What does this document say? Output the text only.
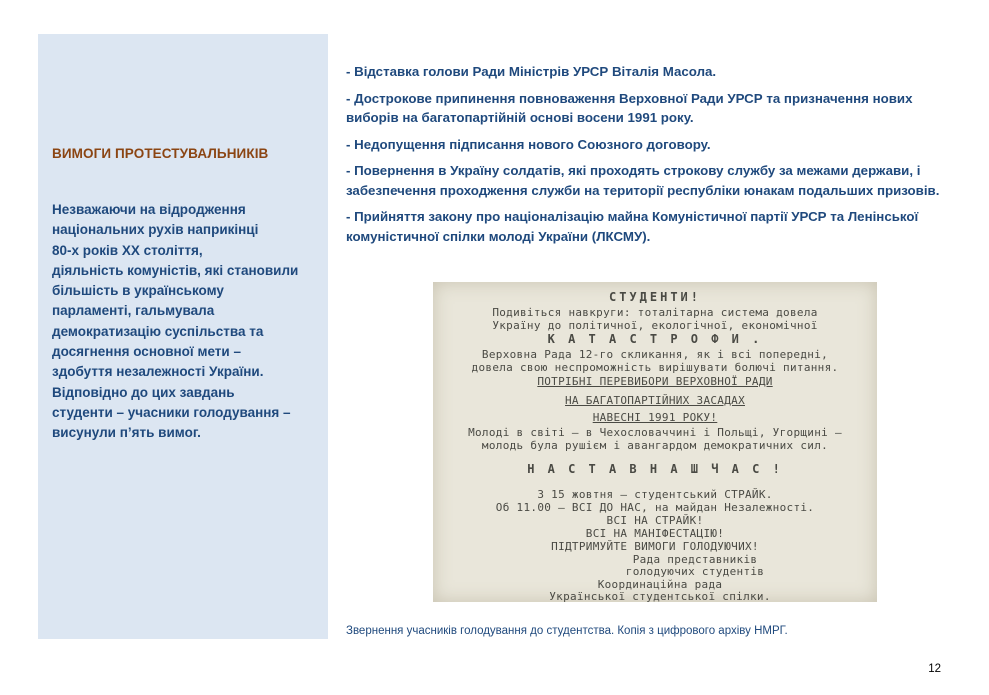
ВИМОГИ ПРОТЕСТУВАЛЬНИКІВ
Незважаючи на відродження
національних рухів наприкінці
80-х років ХХ століття,
діяльність комуністів, які становили
більшість в українському
парламенті, гальмувала
демократизацію суспільства та
досягнення основної мети –
здобуття незалежності України.
Відповідно до цих завдань
студенти – учасники голодування –
висунули п’ять вимог.

- Відставка голови Ради Міністрів УРСР Віталія Масола.

- Дострокове припинення повноваження Верховної Ради УРСР та призначення нових виборів на багатопартійній основі восени 1991 року.

- Недопущення підписання нового Союзного договору.

- Повернення в Україну солдатів, які проходять строкову службу за межами держави, і забезпечення проходження служби на території республіки юнакам подальших призовів.

- Прийняття закону про націоналізацію майна Комуністичної партії УРСР та Ленінської комуністичної спілки молоді України (ЛКСМУ).

СТУДЕНТИ!
Подивіться навкруги: тоталітарна система довела
Україну до політичної, екологічної, економічної
К А Т А С Т Р О Ф И .
Верховна Рада 12-го скликання, як і всі попередні,
довела свою неспроможність вирішувати болючі питання.
ПОТРІБНІ ПЕРЕВИБОРИ ВЕРХОВНОЇ РАДИ
НА БАГАТОПАРТІЙНИХ ЗАСАДАХ
НАВЕСНІ 1991 РОКУ!
Молоді в світі – в Чехословаччині і Польщі, Угорщині –
молодь була рушієм і авангардом демократичних сил.
Н А С Т А В Н А Ш Ч А С !
З 15 жовтня — студентський СТРАЙК.
Об 11.00 — ВСІ ДО НАС, на майдан Незалежності.
ВСІ НА СТРАЙК!
ВСІ НА МАНІФЕСТАЦІЮ!
ПІДТРИМУЙТЕ ВИМОГИ ГОЛОДУЮЧИХ!
Рада представників
голодуючих студентів
Координаційна рада
Української студентської спілки.
Звернення учасників голодування до студентства. Копія з цифрового архіву НМРГ.
12
